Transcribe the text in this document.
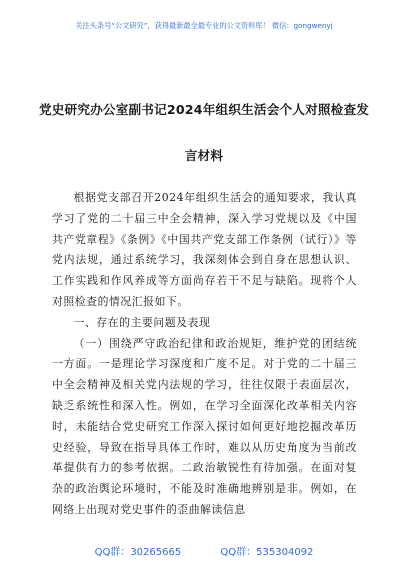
关注头条号“公文研究”，获得最新最全最专业的公文资料库！ 微信：gongwenyj
党史研究办公室副书记2024年组织生活会个人对照检查发
言材料

根据党支部召开2024年组织生活会的通知要求，我认真学习了党的二十届三中全会精神，深入学习党规以及《中国共产党章程》《条例》《中国共产党支部工作条例（试行）》等党内法规，通过系统学习，我深刻体会到自身在思想认识、工作实践和作风养成等方面尚存若干不足与缺陷。现将个人对照检查的情况汇报如下。

一、存在的主要问题及表现

（一）围绕严守政治纪律和政治规矩，维护党的团结统一方面。一是理论学习深度和广度不足。对于党的二十届三中全会精神及相关党内法规的学习，往往仅限于表面层次，缺乏系统性和深入性。例如，在学习全面深化改革相关内容时，未能结合党史研究工作深入探讨如何更好地挖掘改革历史经验，导致在指导具体工作时，难以从历史角度为当前改革提供有力的参考依据。二政治敏锐性有待加强。在面对复杂的政治舆论环境时，不能及时准确地辨别是非。例如，在网络上出现对党史事件的歪曲解读信息

QQ群：30265665	QQ群：535304092
